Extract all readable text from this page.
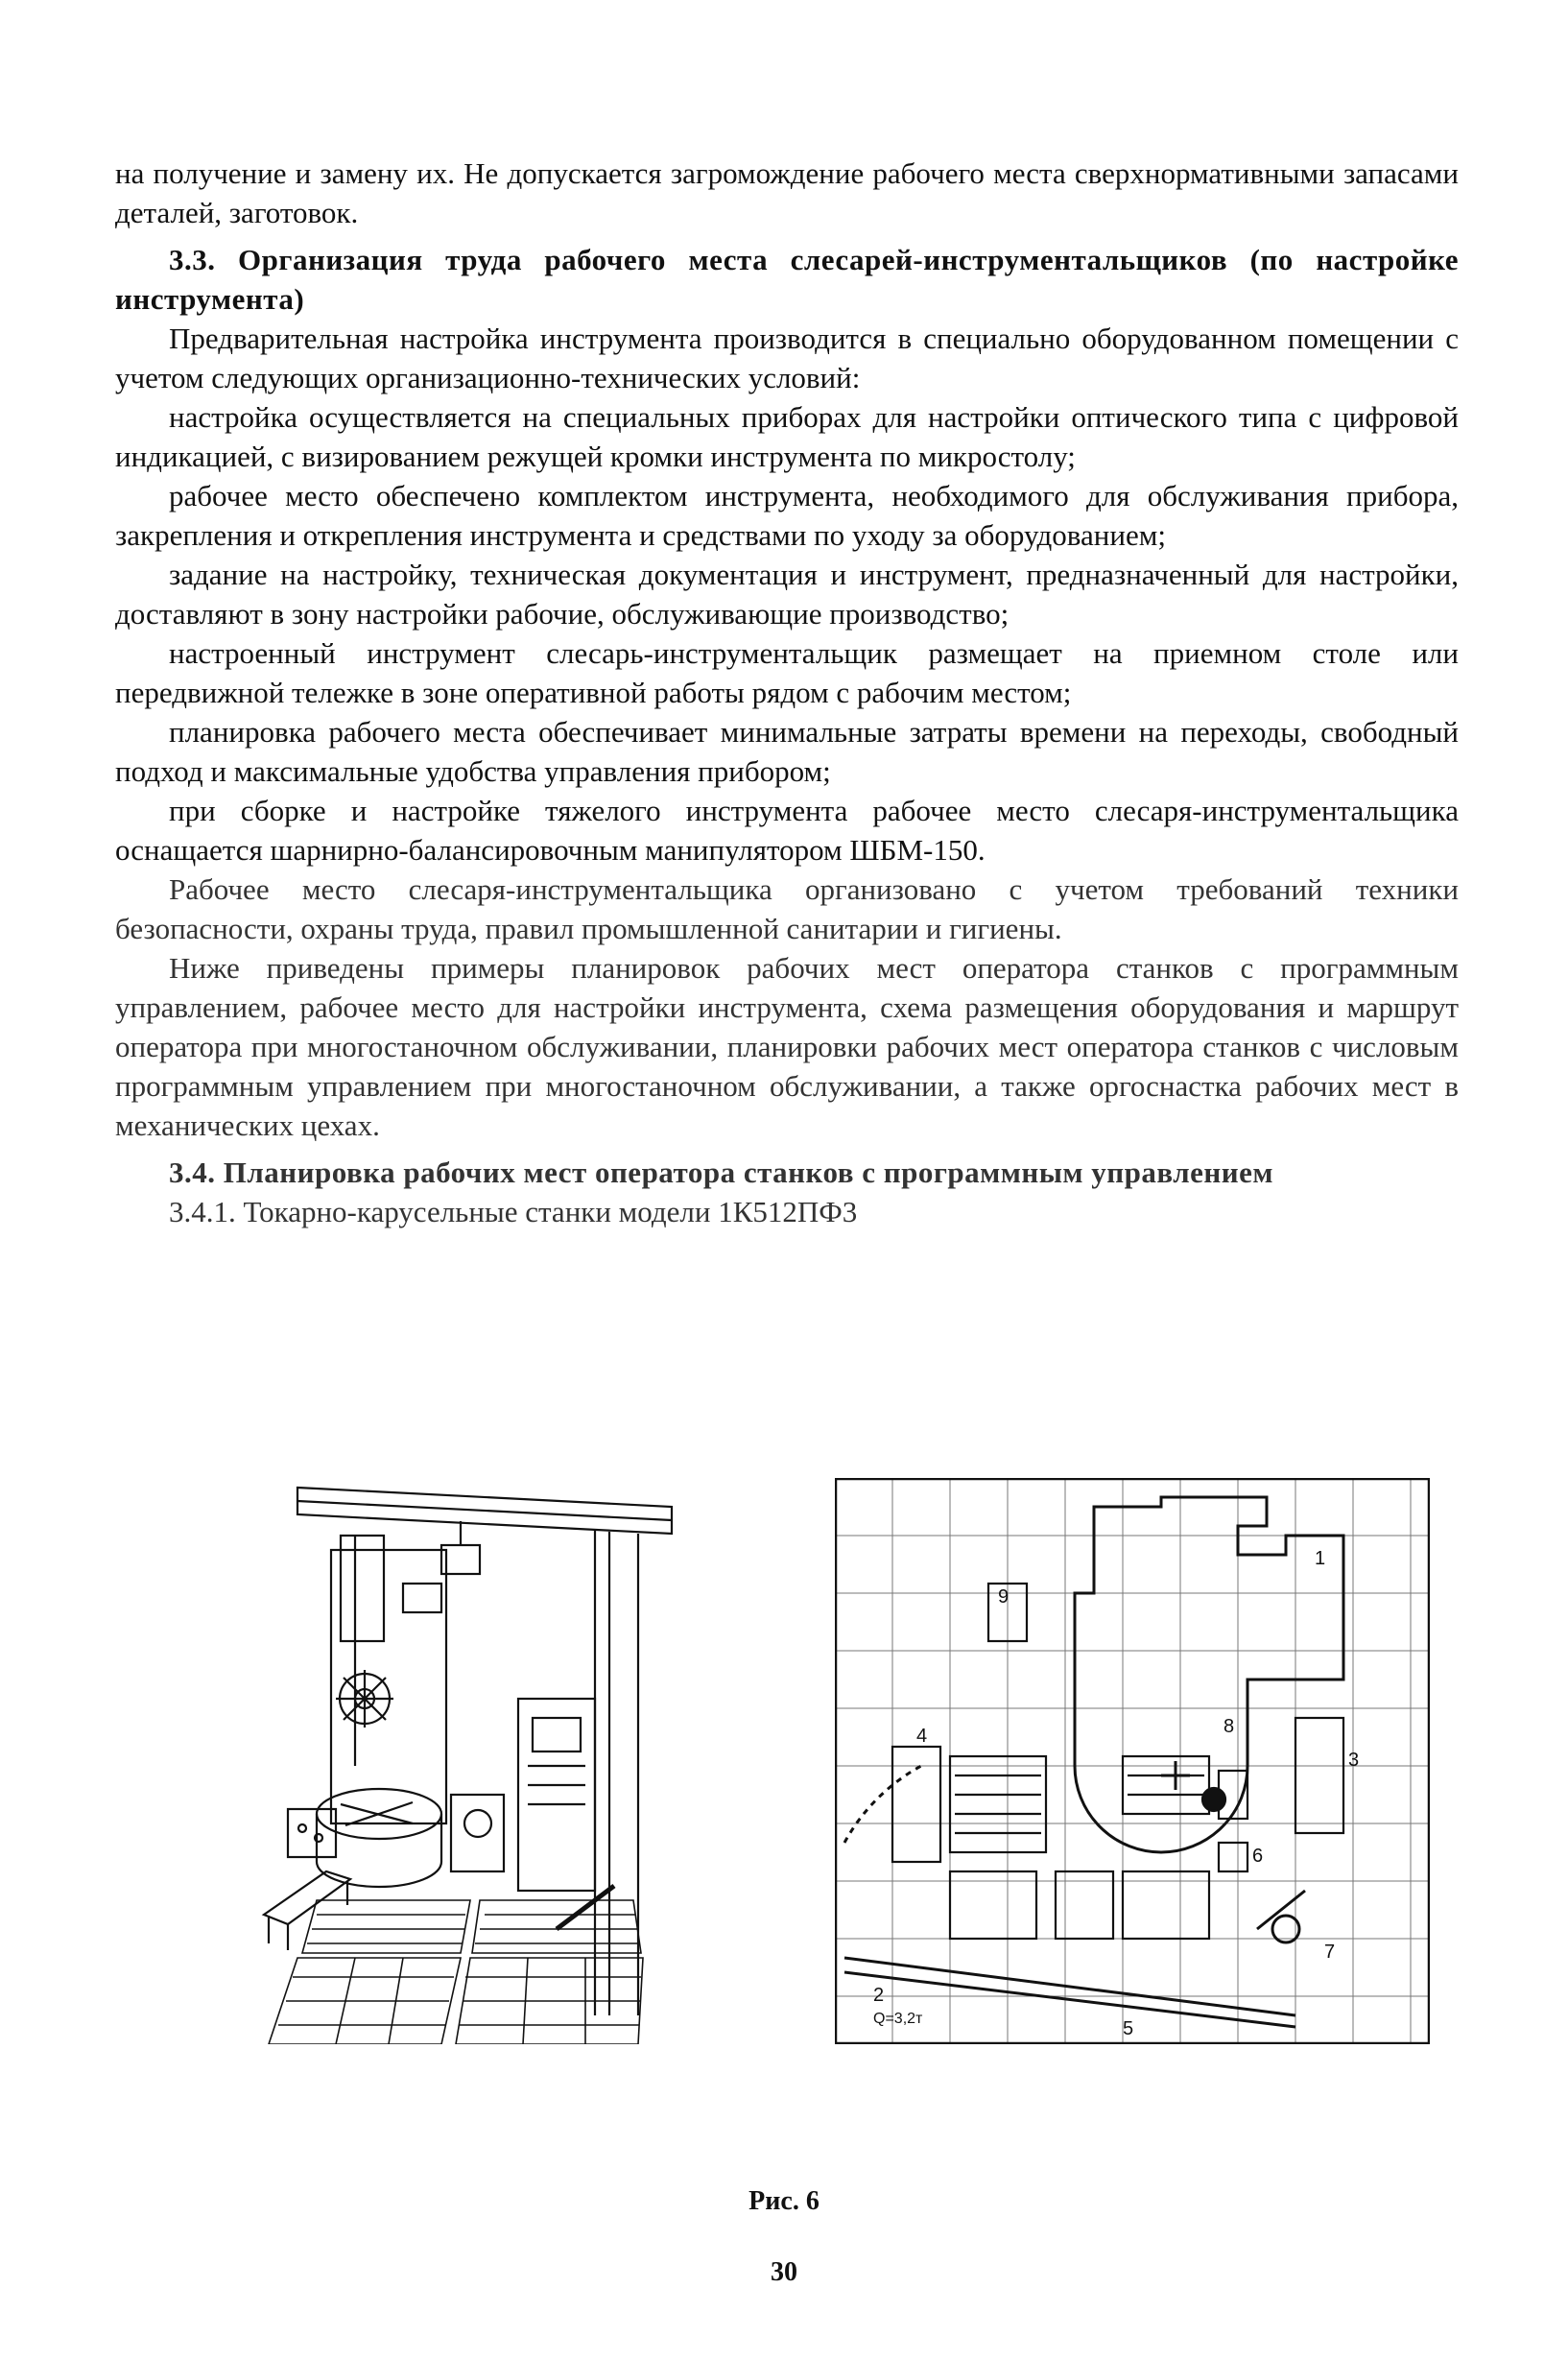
на получение и замену их. Не допускается загромождение рабочего места сверхнормативными запасами деталей, заготовок.

3.3. Организация труда рабочего места слесарей-инструментальщиков (по настройке инструмента)

Предварительная настройка инструмента производится в специально оборудованном помещении с учетом следующих организационно-технических условий:

настройка осуществляется на специальных приборах для настройки оптического типа с цифровой индикацией, с визированием режущей кромки инструмента по микростолу;

рабочее место обеспечено комплектом инструмента, необходимого для обслуживания прибора, закрепления и открепления инструмента и средствами по уходу за оборудованием;

задание на настройку, техническая документация и инструмент, предназначенный для настройки, доставляют в зону настройки рабочие, обслуживающие производство;

настроенный инструмент слесарь-инструментальщик размещает на приемном столе или передвижной тележке в зоне оперативной работы рядом с рабочим местом;

планировка рабочего места обеспечивает минимальные затраты времени на переходы, свободный подход и максимальные удобства управления прибором;

при сборке и настройке тяжелого инструмента рабочее место слесаря-инструментальщика оснащается шарнирно-балансировочным манипулятором ШБМ-150.

Рабочее место слесаря-инструментальщика организовано с учетом требований техники безопасности, охраны труда, правил промышленной санитарии и гигиены.

Ниже приведены примеры планировок рабочих мест оператора станков с программным управлением, рабочее место для настройки инструмента, схема размещения оборудования и маршрут оператора при многостаночном обслуживании, планировки рабочих мест оператора станков с числовым программным управлением при многостаночном обслуживании, а также оргоснастка рабочих мест в механических цехах.

3.4. Планировка рабочих мест оператора станков с программным управлением

3.4.1. Токарно-карусельные станки модели 1К512ПФ3

1
2
3
4
5
6
7
8
9
Q=3,2т
Рис. 6
30
